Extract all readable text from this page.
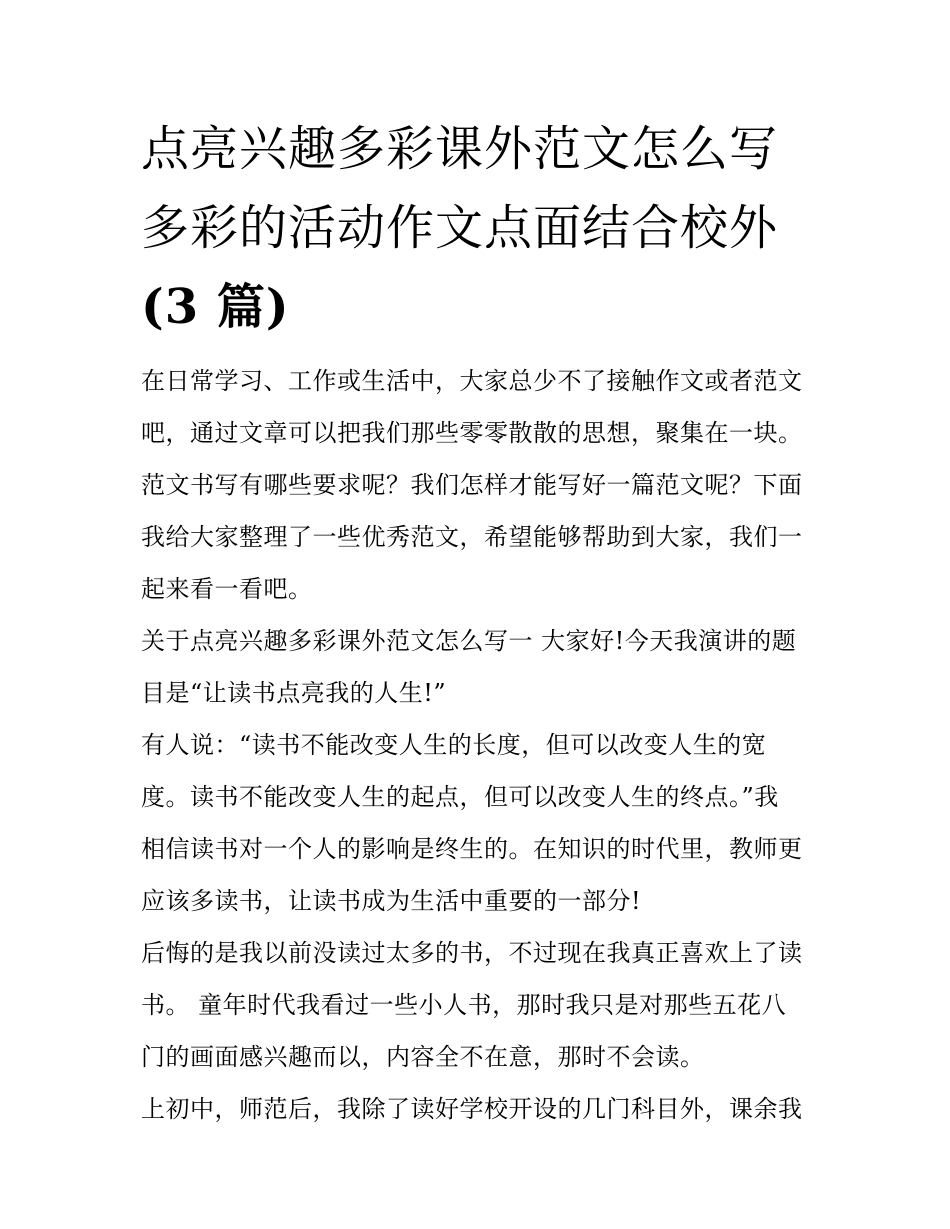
点亮兴趣多彩课外范文怎么写
多彩的活动作文点面结合校外
(3 篇)

在日常学习、工作或生活中，大家总少不了接触作文或者范文
吧，通过文章可以把我们那些零零散散的思想，聚集在一块。
范文书写有哪些要求呢？我们怎样才能写好一篇范文呢？下面
我给大家整理了一些优秀范文，希望能够帮助到大家，我们一
起来看一看吧。

关于点亮兴趣多彩课外范文怎么写一 大家好!今天我演讲的题
目是“让读书点亮我的人生!”

有人说：“读书不能改变人生的长度，但可以改变人生的宽
度。读书不能改变人生的起点，但可以改变人生的终点。”我
相信读书对一个人的影响是终生的。在知识的时代里，教师更
应该多读书，让读书成为生活中重要的一部分!

后悔的是我以前没读过太多的书，不过现在我真正喜欢上了读
书。 童年时代我看过一些小人书，那时我只是对那些五花八
门的画面感兴趣而以，内容全不在意，那时不会读。

上初中，师范后，我除了读好学校开设的几门科目外，课余我
